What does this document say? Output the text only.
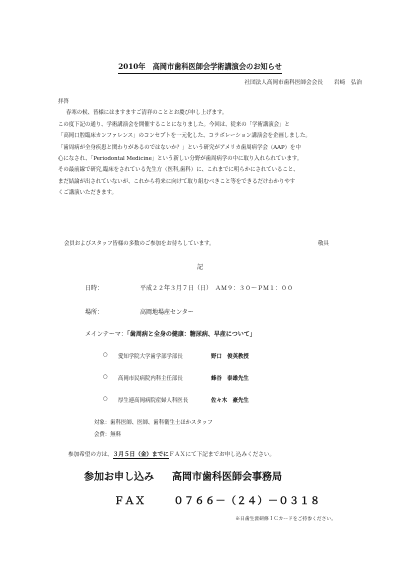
2010年　高岡市歯科医師会学術講演会のお知らせ
社団法人高岡市歯科医師会会長　　 岩﨑　弘治

拝啓

春寒の候、皆様にはますますご清祥のこととお慶び申し上げます。

この度下記の通り、学術講演会を開催することになりました。今回は、従来の「学術講演会」と

「高岡口腔臨床カンファレンス」のコンセプトを一元化した、コラボレーション講演会を企画しました。

「歯周病が全身疾患と関わりがあるのではないか？」という研究がアメリカ歯周病学会（AAP）を中

心になされ、「Periodontal Medicine」という新しい分野が歯周病学の中に取り入れられています。

その最前線で研究,臨床をされている先生方（医科,歯科）に、これまでに明らかにされていること、

まだ結論が出されていないが、これから将来に向けて取り組むべきこと等をできるだけわかりやす

くご講演いただきます。

会員およびスタッフ皆様の多数のご参加をお待ちしています。	敬具
記
日時：	平成２２年３月７日（日）　ＡＭ９：３０～ＰＭ１：００
場所：	高岡地場産センター
メインテーマ：「歯周病と全身の健康：糖尿病、早産について」
○ 愛知学院大学歯学部学部長	野口　俊英教授
○ 高岡市民病院内科主任部長	蜂谷　泰雄先生
○ 厚生連高岡病院産婦人科医長	佐々木　豪先生
対象：歯科医師、医師、歯科衛生士ほかスタッフ
会費：無料
参加希望の方は、３月５日（金）までにＦＡＸにて下記までお申し込みください。
参加お申し込み 高岡市歯科医師会事務局
ＦＡＸ	０７６６－（２４）－０３１８
※日歯生涯研修ＩＣカードをご持参ください。
